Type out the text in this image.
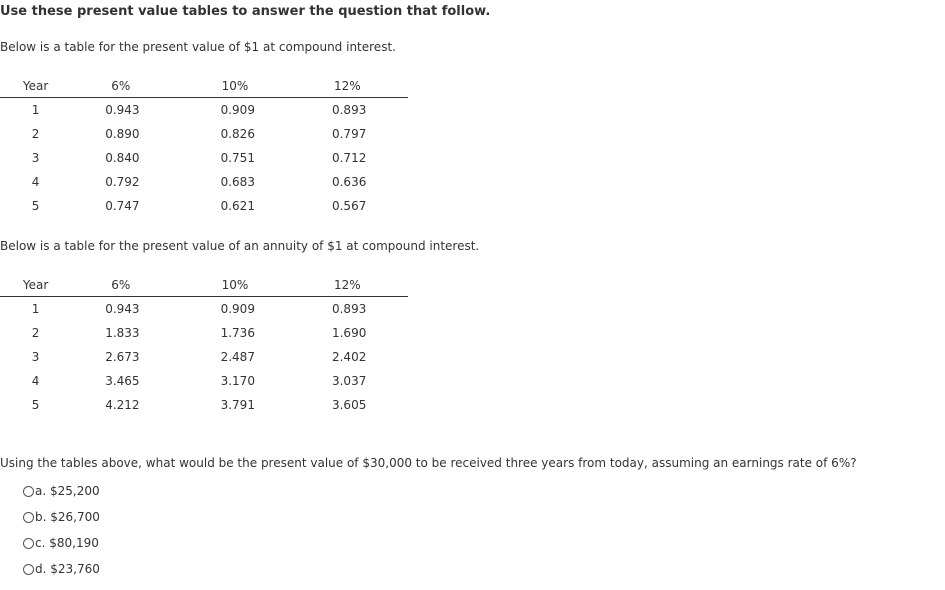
Use these present value tables to answer the question that follow.

Below is a table for the present value of $1 at compound interest.

Year	6%	10%	12%
1	0.943	0.909	0.893
2	0.890	0.826	0.797
3	0.840	0.751	0.712
4	0.792	0.683	0.636
5	0.747	0.621	0.567

Below is a table for the present value of an annuity of $1 at compound interest.

Year	6%	10%	12%
1	0.943	0.909	0.893
2	1.833	1.736	1.690
3	2.673	2.487	2.402
4	3.465	3.170	3.037
5	4.212	3.791	3.605

Using the tables above, what would be the present value of $30,000 to be received three years from today, assuming an earnings rate of 6%?

a.
$25,200
b.
$26,700
c.
$80,190
d.
$23,760
